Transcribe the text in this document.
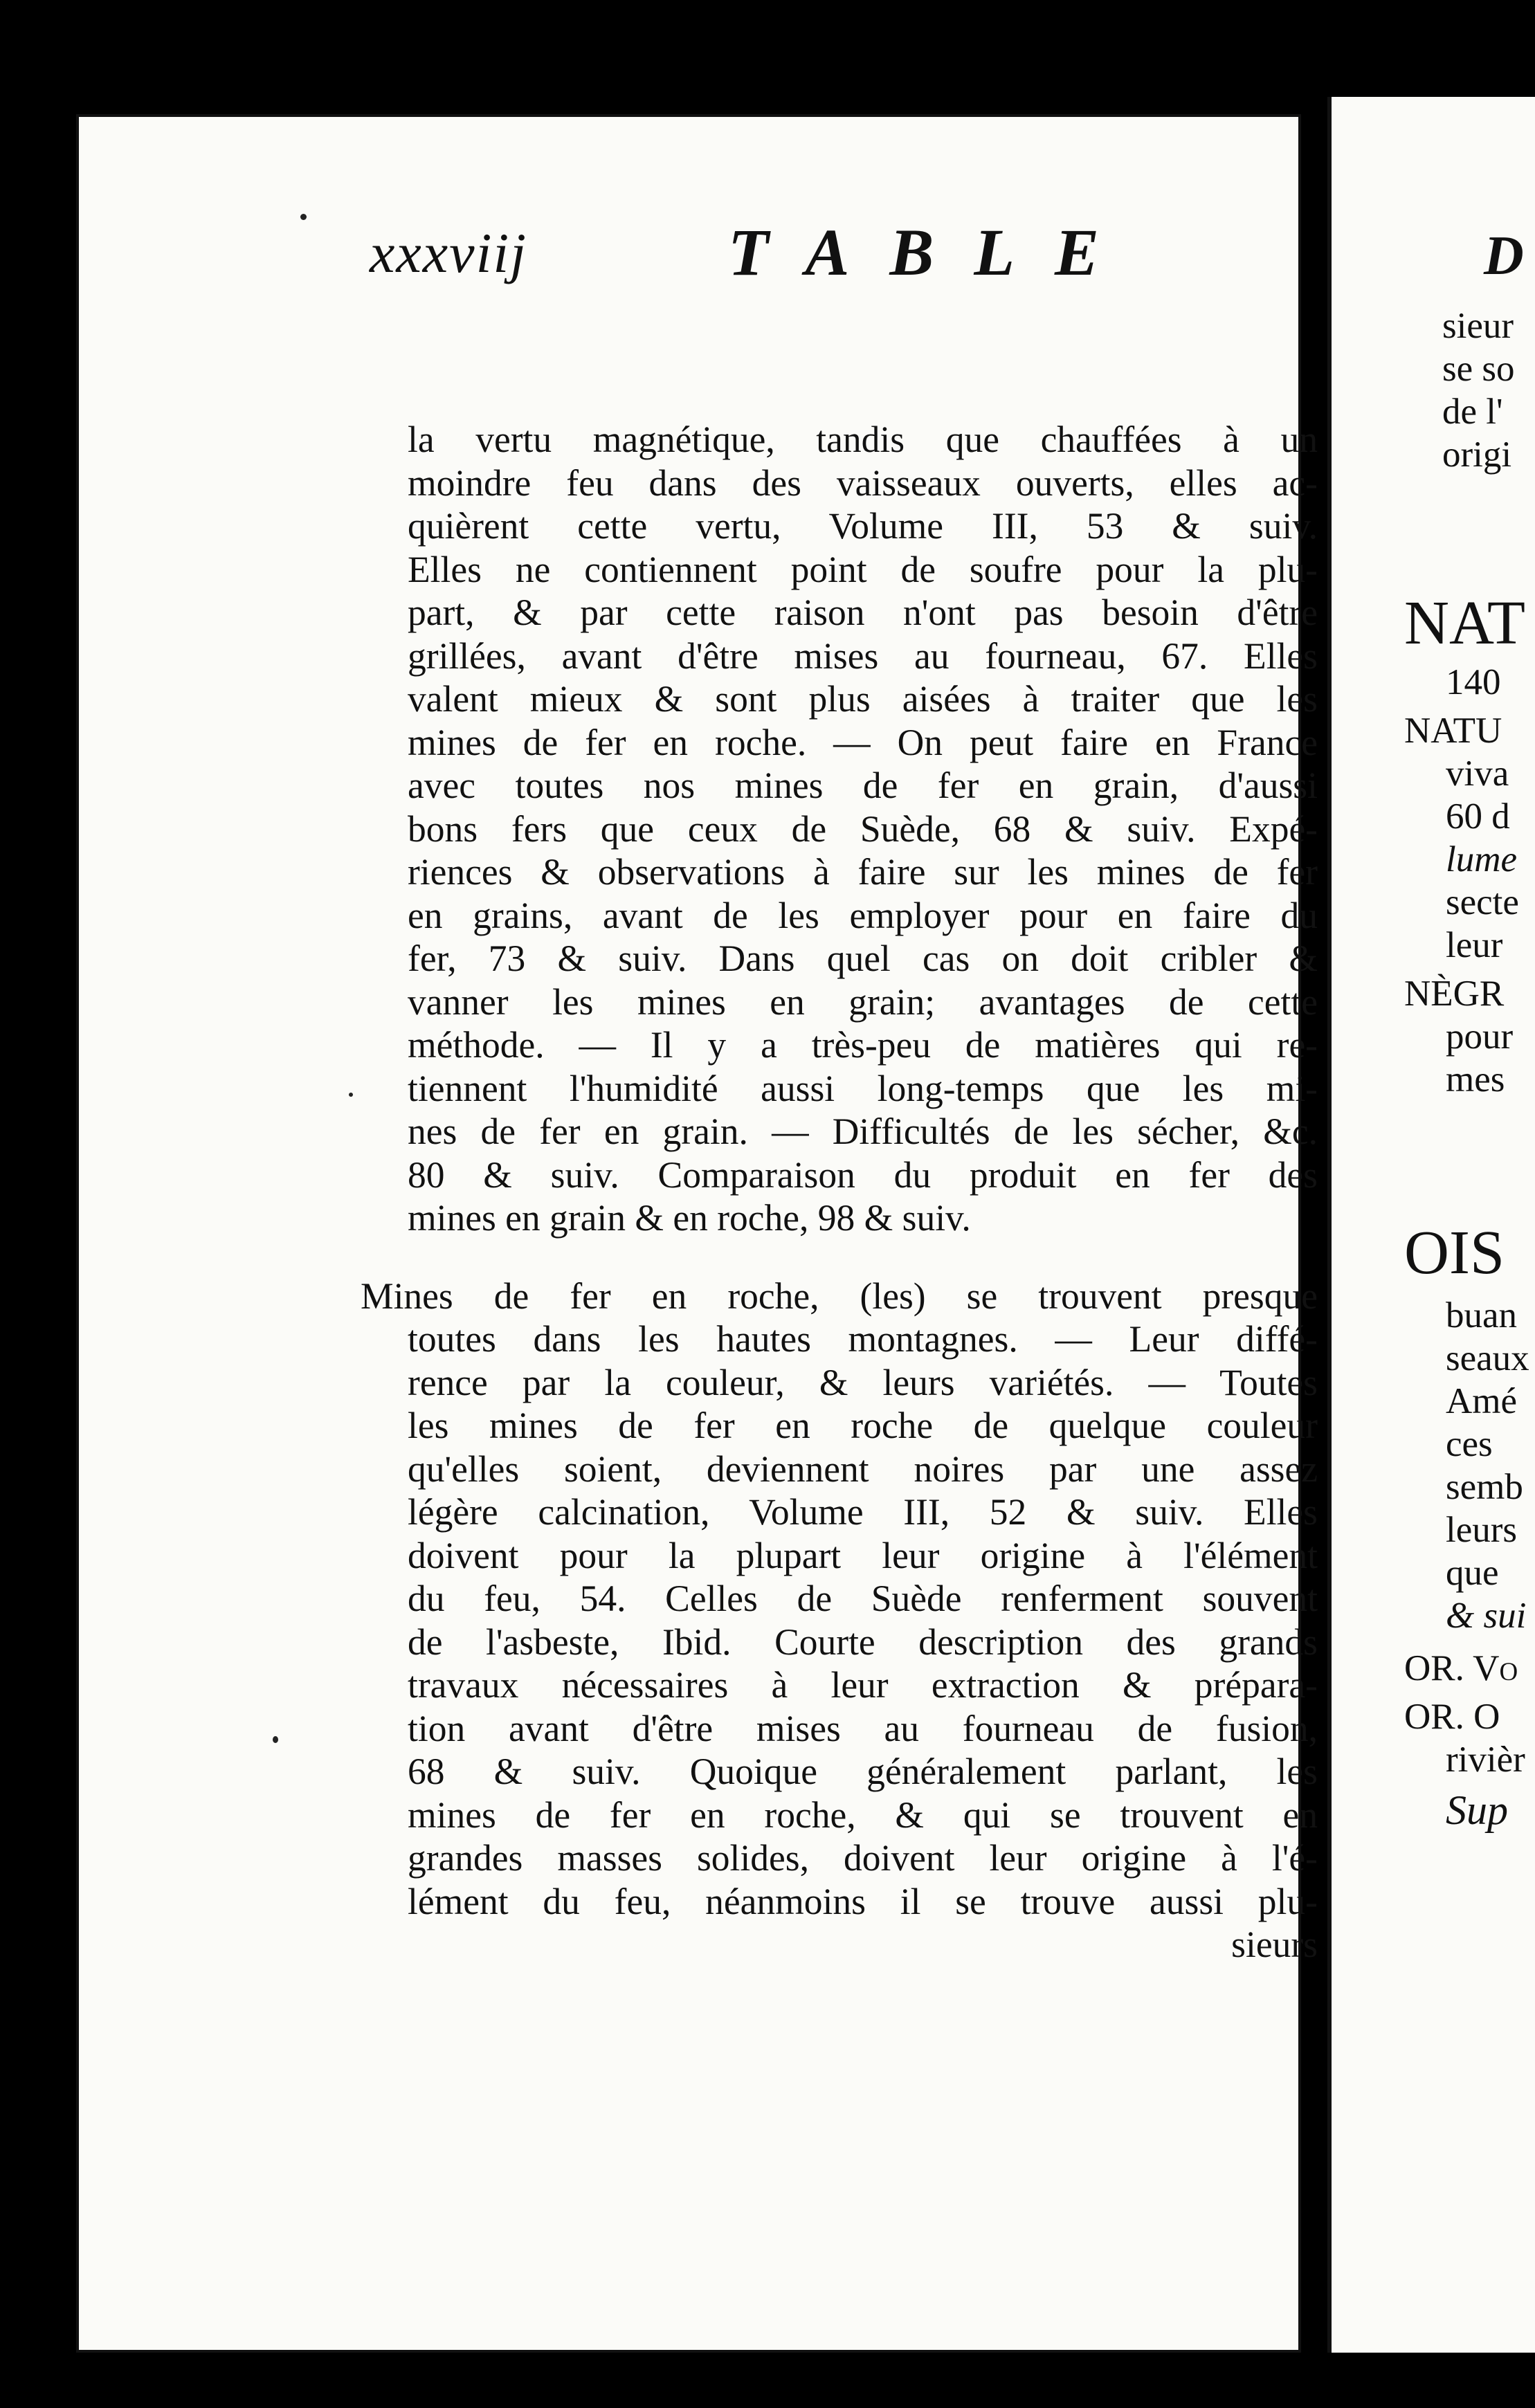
xxxviij	TABLE
la vertu magnétique, tandis que chauffées à un
moindre feu dans des vaisseaux ouverts, elles ac-
quièrent cette vertu, Volume III, 53 & suiv.
Elles ne contiennent point de soufre pour la plu-
part, & par cette raison n'ont pas besoin d'être
grillées, avant d'être mises au fourneau, 67. Elles
valent mieux & sont plus aisées à traiter que les
mines de fer en roche. — On peut faire en France
avec toutes nos mines de fer en grain, d'aussi
bons fers que ceux de Suède, 68 & suiv. Expé-
riences & observations à faire sur les mines de fer
en grains, avant de les employer pour en faire du
fer, 73 & suiv. Dans quel cas on doit cribler &
vanner les mines en grain; avantages de cette
méthode. — Il y a très-peu de matières qui re-
tiennent l'humidité aussi long-temps que les mi-
nes de fer en grain. — Difficultés de les sécher, &c.
80 & suiv. Comparaison du produit en fer des
mines en grain & en roche, 98 & suiv.
Mines de fer en roche, (les) se trouvent presque
toutes dans les hautes montagnes. — Leur diffé-
rence par la couleur, & leurs variétés. — Toutes
les mines de fer en roche de quelque couleur
qu'elles soient, deviennent noires par une assez
légère calcination, Volume III, 52 & suiv. Elles
doivent pour la plupart leur origine à l'élément
du feu, 54. Celles de Suède renferment souvent
de l'asbeste, Ibid. Courte description des grands
travaux nécessaires à leur extraction & prépara-
tion avant d'être mises au fourneau de fusion,
68 & suiv. Quoique généralement parlant, les
mines de fer en roche, & qui se trouvent en
grandes masses solides, doivent leur origine à l'é-
lément du feu, néanmoins il se trouve aussi plu-
sieurs
D
sieur
se so
de l'
origi
NAT
140
NATU
viva
60 d
lume
secte
leur
NÈGR
pour
mes
OIS
buan
seaux
Amé
ces
semb
leurs
que
& sui
OR. Vo
OR. O
rivièr
Sup
